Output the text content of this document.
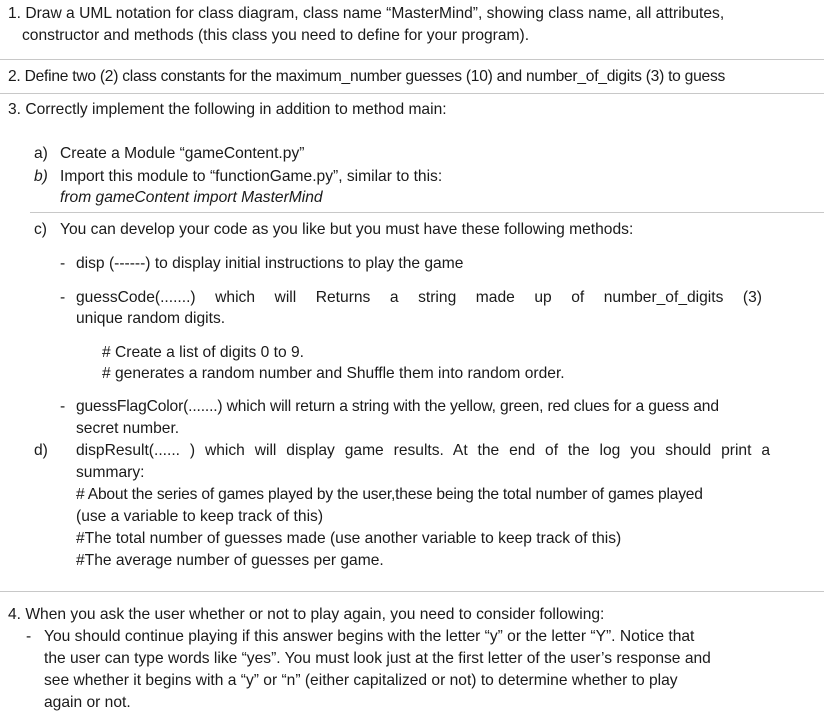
1. Draw a UML notation for class diagram, class name “MasterMind”, showing class name, all attributes,
constructor and methods (this class you need to define for your program).
2. Define two (2) class constants for the maximum_number guesses (10) and number_of_digits (3) to guess
3. Correctly implement the following in addition to method main:
a) Create a Module “gameContent.py”
b) Import this module to “functionGame.py”, similar to this:
from gameContent import MasterMind
c) You can develop your code as you like but you must have these following methods:
- disp (------) to display initial instructions to play the game
- guessCode(.......) which will Returns a string made up of number_of_digits (3)
unique random digits.
# Create a list of digits 0 to 9.
# generates a random number and Shuffle them into random order.
- guessFlagColor(.......) which will return a string with the yellow, green, red clues for a guess and
secret number.
d) dispResult(...... ) which will display game results. At the end of the log you should print a
summary:
# About the series of games played by the user,these being the total number of games played
(use a variable to keep track of this)
#The total number of guesses made (use another variable to keep track of this)
#The average number of guesses per game.
4. When you ask the user whether or not to play again, you need to consider following:
- You should continue playing if this answer begins with the letter “y” or the letter “Y”. Notice that
the user can type words like “yes”. You must look just at the first letter of the user’s response and
see whether it begins with a “y” or “n” (either capitalized or not) to determine whether to play
again or not.
